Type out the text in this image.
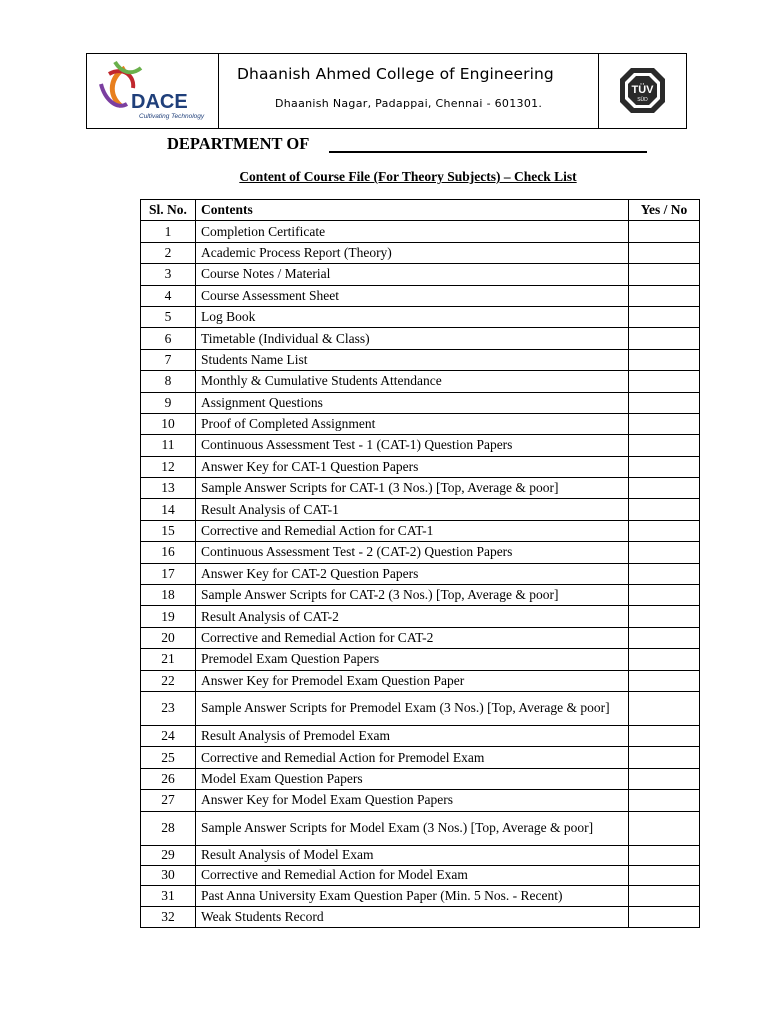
DACE
Cultivating Technology
Dhaanish Ahmed College of Engineering
Dhaanish Nagar, Padappai, Chennai - 601301.
TÜV
SÜD
DEPARTMENT OF
Content of Course File (For Theory Subjects) – Check List
Sl. No.	Contents	Yes / No
1	Completion Certificate	
2	Academic Process Report (Theory)	
3	Course Notes / Material	
4	Course Assessment Sheet	
5	Log Book	
6	Timetable (Individual & Class)	
7	Students Name List	
8	Monthly & Cumulative Students Attendance	
9	Assignment Questions	
10	Proof of Completed Assignment	
11	Continuous Assessment Test - 1 (CAT-1) Question Papers	
12	Answer Key for CAT-1 Question Papers	
13	Sample Answer Scripts for CAT-1 (3 Nos.) [Top, Average & poor]	
14	Result Analysis of CAT-1	
15	Corrective and Remedial Action for CAT-1	
16	Continuous Assessment Test - 2 (CAT-2) Question Papers	
17	Answer Key for CAT-2 Question Papers	
18	Sample Answer Scripts for CAT-2 (3 Nos.) [Top, Average & poor]	
19	Result Analysis of CAT-2	
20	Corrective and Remedial Action for CAT-2	
21	Premodel Exam Question Papers	
22	Answer Key for Premodel Exam Question Paper	
23	Sample Answer Scripts for Premodel Exam (3 Nos.) [Top, Average & poor]	
24	Result Analysis of Premodel Exam	
25	Corrective and Remedial Action for Premodel Exam	
26	Model Exam Question Papers	
27	Answer Key for Model Exam Question Papers	
28	Sample Answer Scripts for Model Exam (3 Nos.) [Top, Average & poor]	
29	Result Analysis of Model Exam	
30	Corrective and Remedial Action for Model Exam	
31	Past Anna University Exam Question Paper (Min. 5 Nos. - Recent)	
32	Weak Students Record	
